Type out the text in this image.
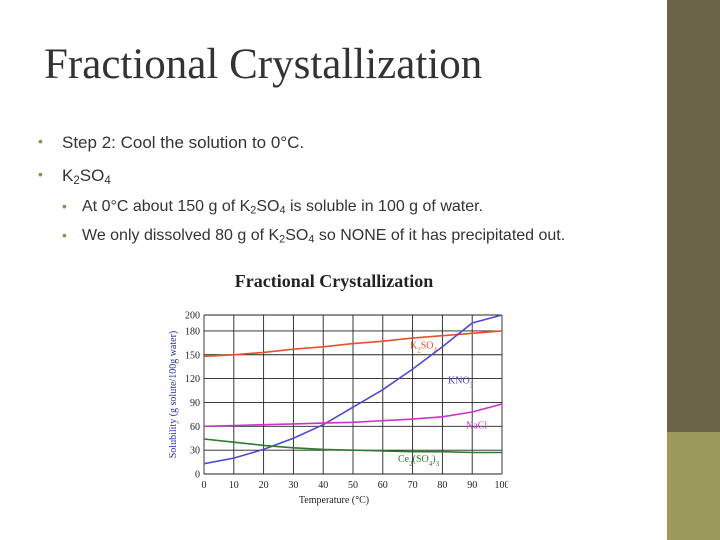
Fractional Crystallization
• Step 2: Cool the solution to 0°C.
• $K_2SO_4$
• At 0°C about 150 g of $K_2SO_4$ is soluble in 100 g of water.
• We only dissolved 80 g of $K_2SO_4$ so NONE of it has precipitated out.
Fractional Crystallization
0 10 20 30 40 50 60 70 80 90 100
0
30
60
90
120
150
180
200
Temperature (°C)
Solubility (g solute/100g water)	$K_2SO_4$
$KNO_3$
NaCl
$Ce_2(SO_4)_3$
